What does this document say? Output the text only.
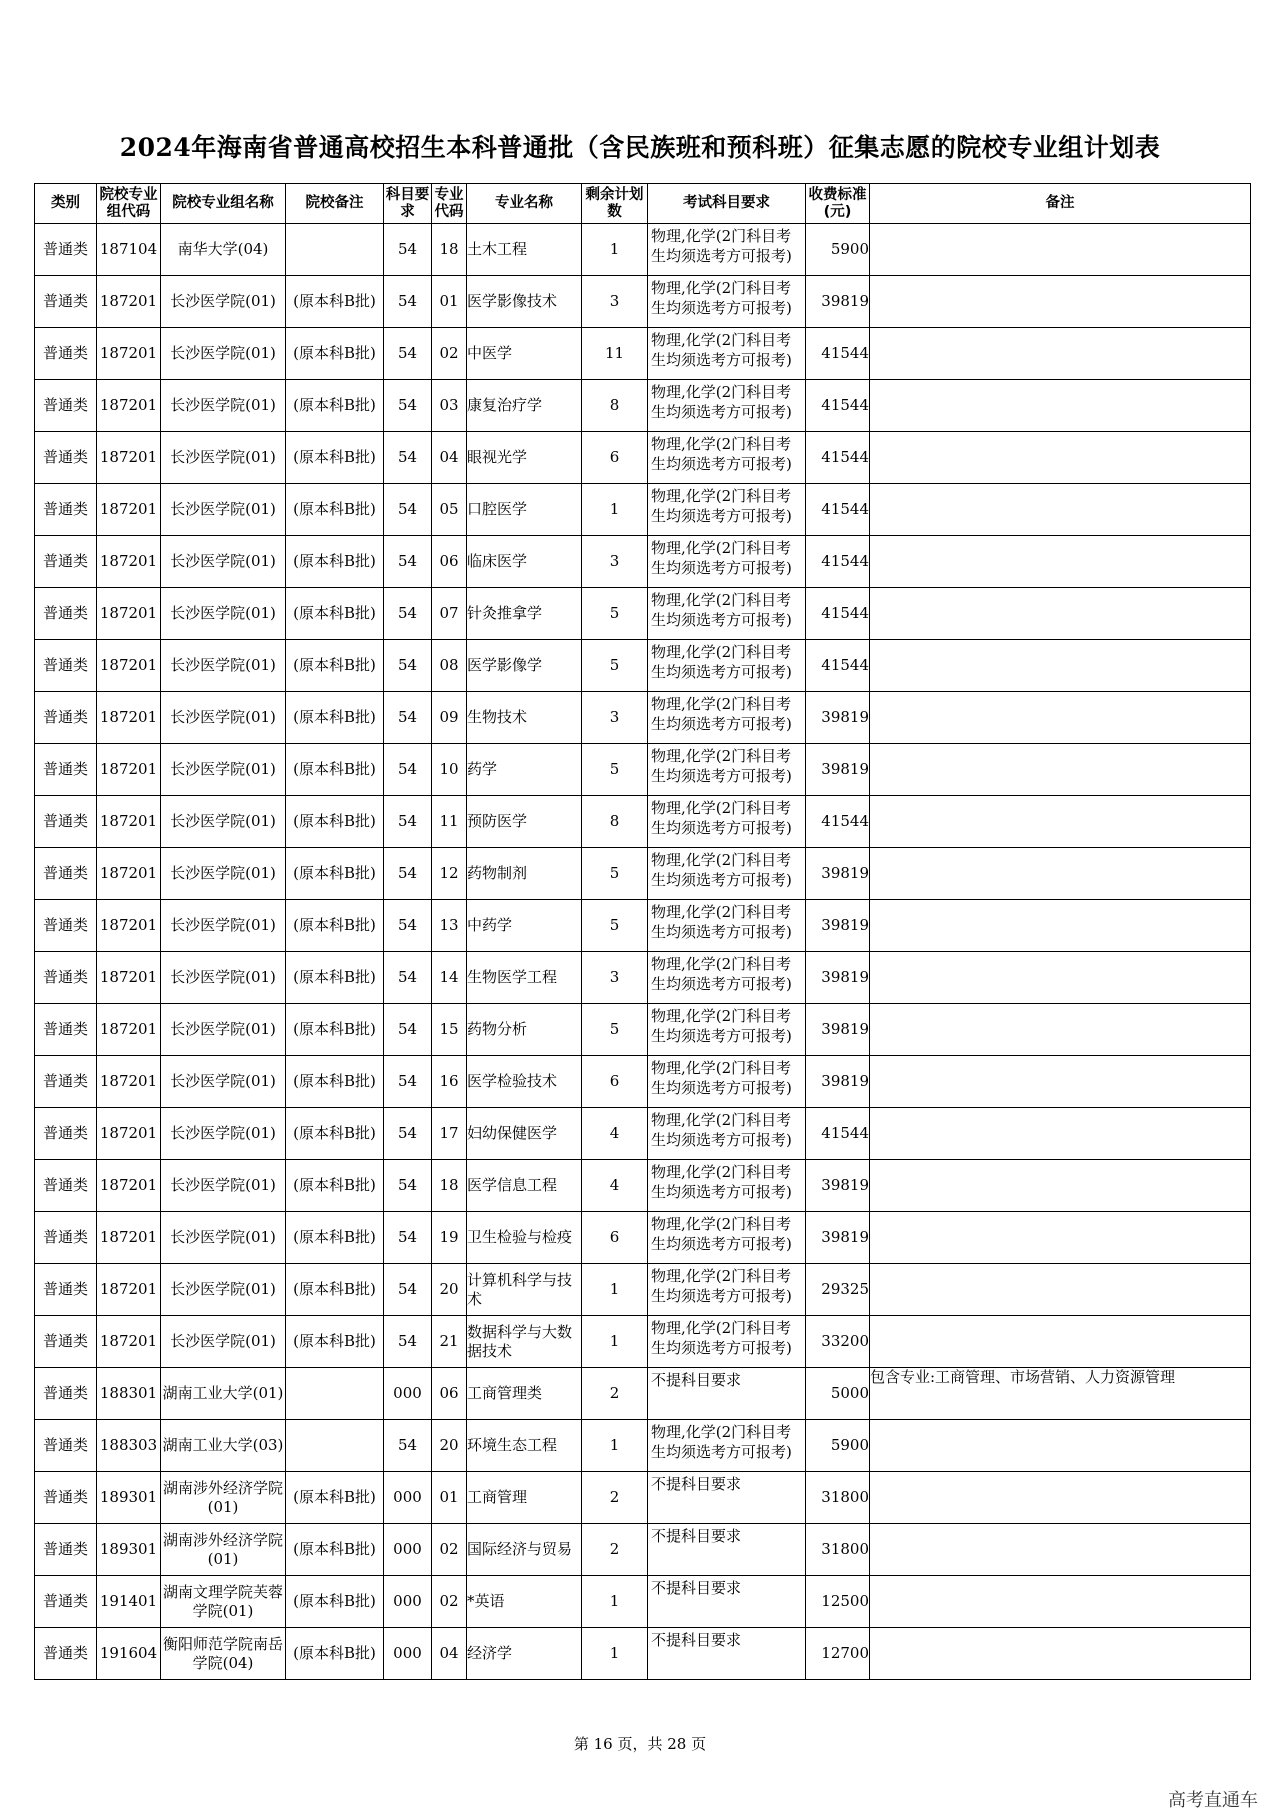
2024年海南省普通高校招生本科普通批（含民族班和预科班）征集志愿的院校专业组计划表
类别	院校专业组代码	院校专业组名称	院校备注	科目要求	专业代码	专业名称	剩余计划数	考试科目要求	收费标准(元)	备注
普通类	187104	南华大学(04)		54	18	土木工程	1	物理,化学(2门科目考生均须选考方可报考)	5900	
普通类	187201	长沙医学院(01)	(原本科B批)	54	01	医学影像技术	3	物理,化学(2门科目考生均须选考方可报考)	39819	
普通类	187201	长沙医学院(01)	(原本科B批)	54	02	中医学	11	物理,化学(2门科目考生均须选考方可报考)	41544	
普通类	187201	长沙医学院(01)	(原本科B批)	54	03	康复治疗学	8	物理,化学(2门科目考生均须选考方可报考)	41544	
普通类	187201	长沙医学院(01)	(原本科B批)	54	04	眼视光学	6	物理,化学(2门科目考生均须选考方可报考)	41544	
普通类	187201	长沙医学院(01)	(原本科B批)	54	05	口腔医学	1	物理,化学(2门科目考生均须选考方可报考)	41544	
普通类	187201	长沙医学院(01)	(原本科B批)	54	06	临床医学	3	物理,化学(2门科目考生均须选考方可报考)	41544	
普通类	187201	长沙医学院(01)	(原本科B批)	54	07	针灸推拿学	5	物理,化学(2门科目考生均须选考方可报考)	41544	
普通类	187201	长沙医学院(01)	(原本科B批)	54	08	医学影像学	5	物理,化学(2门科目考生均须选考方可报考)	41544	
普通类	187201	长沙医学院(01)	(原本科B批)	54	09	生物技术	3	物理,化学(2门科目考生均须选考方可报考)	39819	
普通类	187201	长沙医学院(01)	(原本科B批)	54	10	药学	5	物理,化学(2门科目考生均须选考方可报考)	39819	
普通类	187201	长沙医学院(01)	(原本科B批)	54	11	预防医学	8	物理,化学(2门科目考生均须选考方可报考)	41544	
普通类	187201	长沙医学院(01)	(原本科B批)	54	12	药物制剂	5	物理,化学(2门科目考生均须选考方可报考)	39819	
普通类	187201	长沙医学院(01)	(原本科B批)	54	13	中药学	5	物理,化学(2门科目考生均须选考方可报考)	39819	
普通类	187201	长沙医学院(01)	(原本科B批)	54	14	生物医学工程	3	物理,化学(2门科目考生均须选考方可报考)	39819	
普通类	187201	长沙医学院(01)	(原本科B批)	54	15	药物分析	5	物理,化学(2门科目考生均须选考方可报考)	39819	
普通类	187201	长沙医学院(01)	(原本科B批)	54	16	医学检验技术	6	物理,化学(2门科目考生均须选考方可报考)	39819	
普通类	187201	长沙医学院(01)	(原本科B批)	54	17	妇幼保健医学	4	物理,化学(2门科目考生均须选考方可报考)	41544	
普通类	187201	长沙医学院(01)	(原本科B批)	54	18	医学信息工程	4	物理,化学(2门科目考生均须选考方可报考)	39819	
普通类	187201	长沙医学院(01)	(原本科B批)	54	19	卫生检验与检疫	6	物理,化学(2门科目考生均须选考方可报考)	39819	
普通类	187201	长沙医学院(01)	(原本科B批)	54	20	计算机科学与技术	1	物理,化学(2门科目考生均须选考方可报考)	29325	
普通类	187201	长沙医学院(01)	(原本科B批)	54	21	数据科学与大数据技术	1	物理,化学(2门科目考生均须选考方可报考)	33200	
普通类	188301	湖南工业大学(01)		000	06	工商管理类	2	不提科目要求	5000	包含专业:工商管理、市场营销、人力资源管理
普通类	188303	湖南工业大学(03)		54	20	环境生态工程	1	物理,化学(2门科目考生均须选考方可报考)	5900	
普通类	189301	湖南涉外经济学院(01)	(原本科B批)	000	01	工商管理	2	不提科目要求	31800	
普通类	189301	湖南涉外经济学院(01)	(原本科B批)	000	02	国际经济与贸易	2	不提科目要求	31800	
普通类	191401	湖南文理学院芙蓉学院(01)	(原本科B批)	000	02	*英语	1	不提科目要求	12500	
普通类	191604	衡阳师范学院南岳学院(04)	(原本科B批)	000	04	经济学	1	不提科目要求	12700	
第 16 页，共 28 页
高考直通车
